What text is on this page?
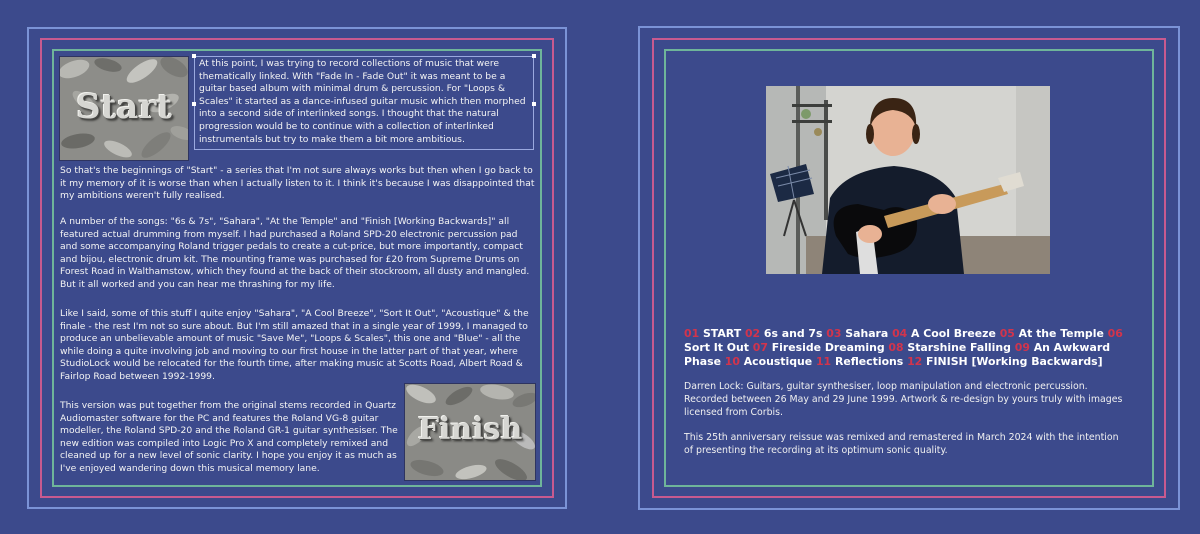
Start

At this point, I was trying to record collections of music that were thematically linked. With "Fade In - Fade Out" it was meant to be a guitar based album with minimal drum & percussion. For "Loops & Scales" it started as a dance-infused guitar music which then morphed into a second side of interlinked songs. I thought that the natural progression would be to continue with a collection of interlinked instrumentals but try to make them a bit more ambitious.

So that's the beginnings of "Start" - a series that I'm not sure always works but then when I go back to it my memory of it is worse than when I actually listen to it. I think it's because I was disappointed that my ambitions weren't fully realised.

A number of the songs: "6s & 7s", "Sahara", "At the Temple" and "Finish [Working Backwards]" all featured actual drumming from myself. I had purchased a Roland SPD-20 electronic percussion pad and some accompanying Roland trigger pedals to create a cut-price, but more importantly, compact and bijou, electronic drum kit. The mounting frame was purchased for £20 from Supreme Drums on Forest Road in Walthamstow, which they found at the back of their stockroom, all dusty and mangled. But it all worked and you can hear me thrashing for my life.

Like I said, some of this stuff I quite enjoy "Sahara", "A Cool Breeze", "Sort It Out", "Acoustique" & the finale - the rest I'm not so sure about. But I'm still amazed that in a single year of 1999, I managed to produce an unbelievable amount of music "Save Me", "Loops & Scales", this one and "Blue" - all the while doing a quite involving job and moving to our first house in the latter part of that year, where StudioLock would be relocated for the fourth time, after making music at Scotts Road, Albert Road & Fairlop Road between 1992-1999.

This version was put together from the original stems recorded in Quartz Audiomaster software for the PC and features the Roland VG-8 guitar modeller, the Roland SPD-20 and the Roland GR-1 guitar synthesiser. The new edition was compiled into Logic Pro X and completely remixed and cleaned up for a new level of sonic clarity. I hope you enjoy it as much as I've enjoyed wandering down this musical memory lane.

Finish

01 START 02 6s and 7s 03 Sahara 04 A Cool Breeze 05 At the Temple 06 Sort It Out 07 Fireside Dreaming 08 Starshine Falling 09 An Awkward Phase 10 Acoustique 11 Reflections 12 FINISH [Working Backwards]

Darren Lock: Guitars, guitar synthesiser, loop manipulation and electronic percussion. Recorded between 26 May and 29 June 1999. Artwork & re-design by yours truly with images licensed from Corbis.

This 25th anniversary reissue was remixed and remastered in March 2024 with the intention of presenting the recording at its optimum sonic quality.
